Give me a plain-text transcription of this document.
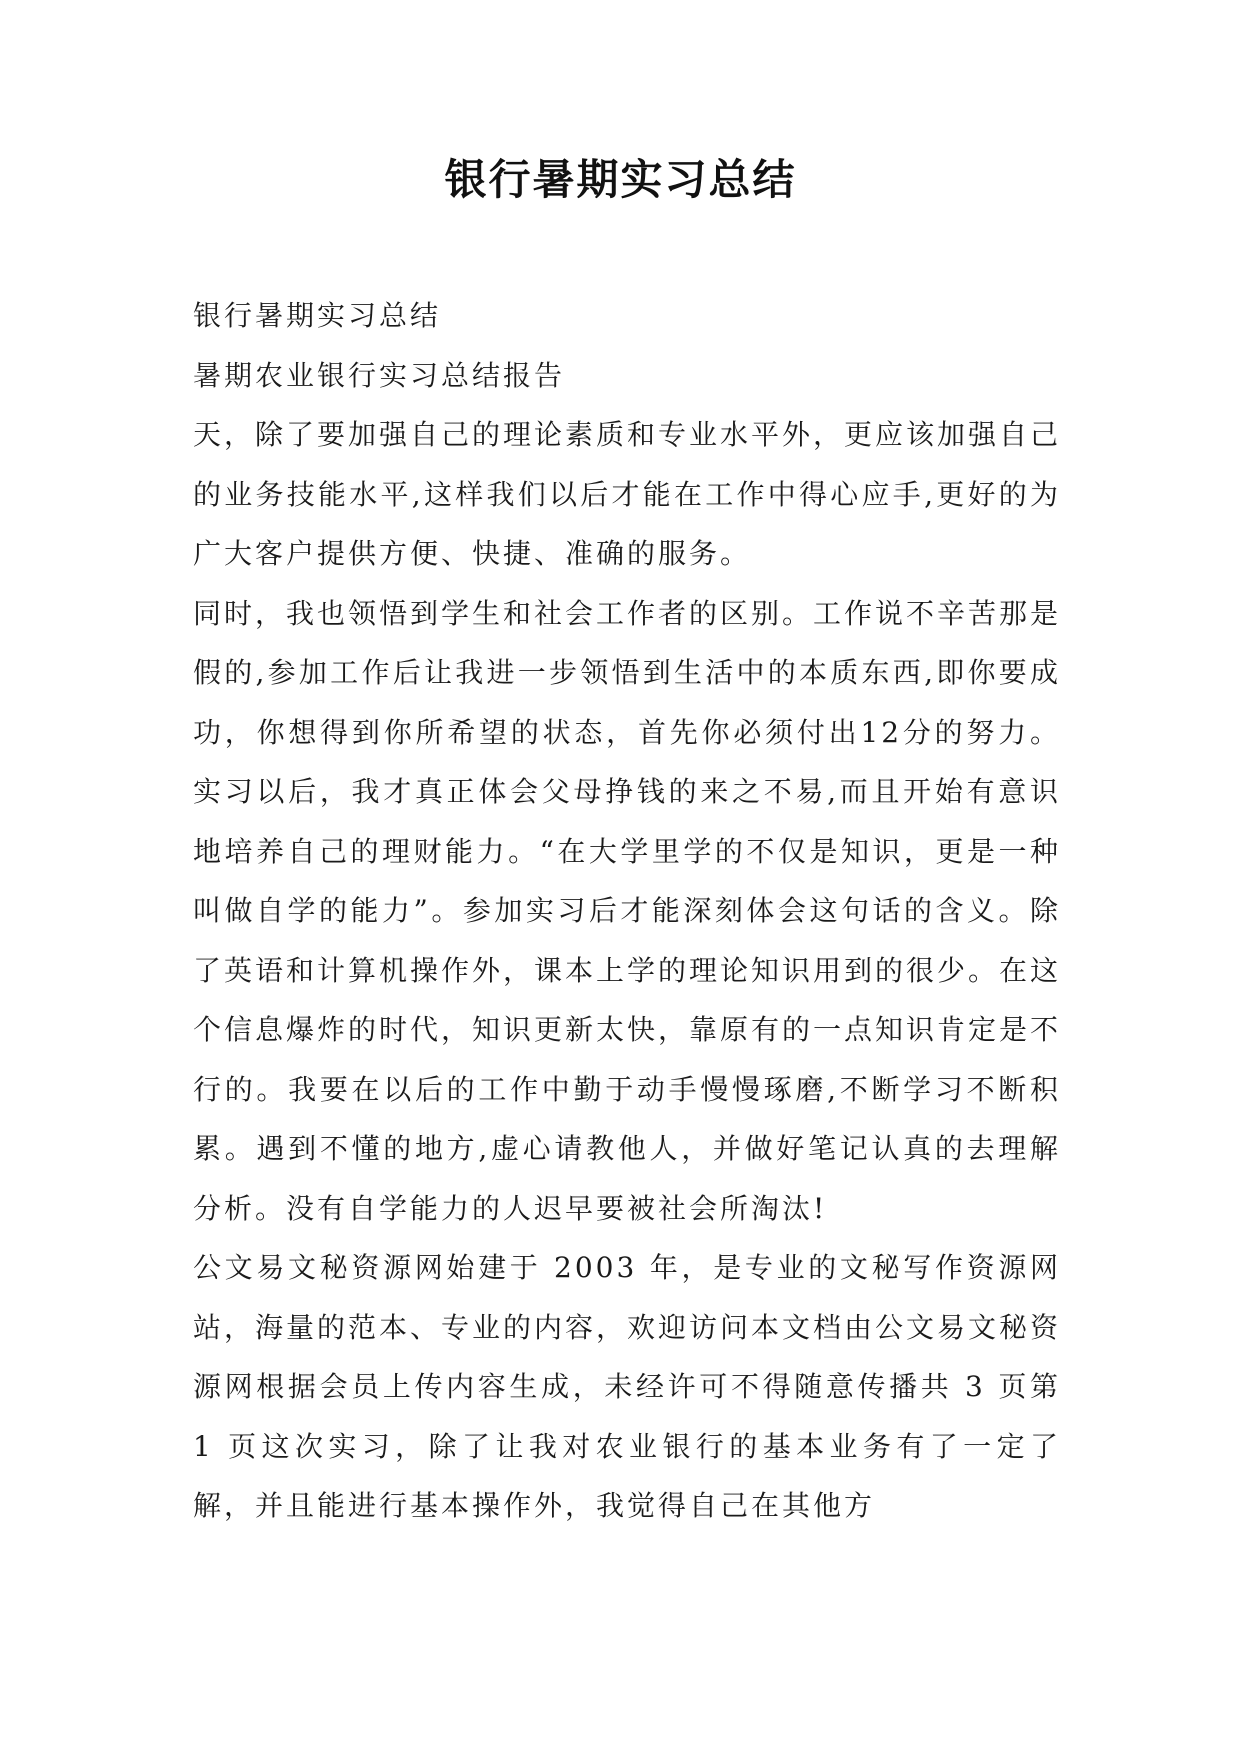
银行暑期实习总结

银行暑期实习总结

暑期农业银行实习总结报告

天，除了要加强自己的理论素质和专业水平外，更应该加强自己的业务技能水平,这样我们以后才能在工作中得心应手,更好的为广大客户提供方便、快捷、准确的服务。

同时，我也领悟到学生和社会工作者的区别。工作说不辛苦那是假的,参加工作后让我进一步领悟到生活中的本质东西,即你要成功，你想得到你所希望的状态，首先你必须付出12分的努力。实习以后，我才真正体会父母挣钱的来之不易,而且开始有意识地培养自己的理财能力。“在大学里学的不仅是知识，更是一种叫做自学的能力”。参加实习后才能深刻体会这句话的含义。除了英语和计算机操作外，课本上学的理论知识用到的很少。在这个信息爆炸的时代，知识更新太快，靠原有的一点知识肯定是不行的。我要在以后的工作中勤于动手慢慢琢磨,不断学习不断积累。遇到不懂的地方,虚心请教他人，并做好笔记认真的去理解分析。没有自学能力的人迟早要被社会所淘汰!

公文易文秘资源网始建于 2003 年，是专业的文秘写作资源网站，海量的范本、专业的内容，欢迎访问本文档由公文易文秘资源网根据会员上传内容生成，未经许可不得随意传播共 3 页第 1 页这次实习，除了让我对农业银行的基本业务有了一定了解，并且能进行基本操作外，我觉得自己在其他方
